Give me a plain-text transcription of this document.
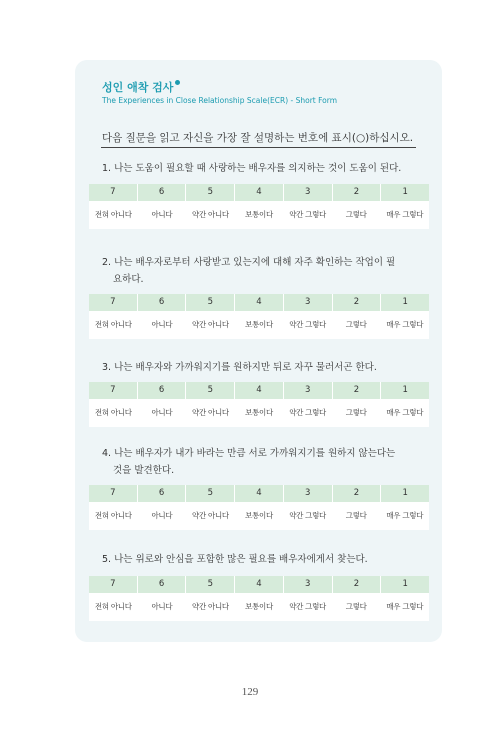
성인 애착 검사
The Experiences in Close Relationship Scale(ECR) - Short Form
다음 질문을 읽고 자신을 가장 잘 설명하는 번호에 표시(○)하십시오.
1. 나는 도움이 필요할 때 사랑하는 배우자를 의지하는 것이 도움이 된다.
7	6	5	4	3	2	1
전혀 아니다	아니다	약간 아니다	보통이다	약간 그렇다	그렇다	매우 그렇다
2. 나는 배우자로부터 사랑받고 있는지에 대해 자주 확인하는 작업이 필
요하다.
7	6	5	4	3	2	1
전혀 아니다	아니다	약간 아니다	보통이다	약간 그렇다	그렇다	매우 그렇다
3. 나는 배우자와 가까워지기를 원하지만 뒤로 자꾸 물러서곤 한다.
7	6	5	4	3	2	1
전혀 아니다	아니다	약간 아니다	보통이다	약간 그렇다	그렇다	매우 그렇다
4. 나는 배우자가 내가 바라는 만큼 서로 가까워지기를 원하지 않는다는
것을 발견한다.
7	6	5	4	3	2	1
전혀 아니다	아니다	약간 아니다	보통이다	약간 그렇다	그렇다	매우 그렇다
5. 나는 위로와 안심을 포함한 많은 필요를 배우자에게서 찾는다.
7	6	5	4	3	2	1
전혀 아니다	아니다	약간 아니다	보통이다	약간 그렇다	그렇다	매우 그렇다
129
